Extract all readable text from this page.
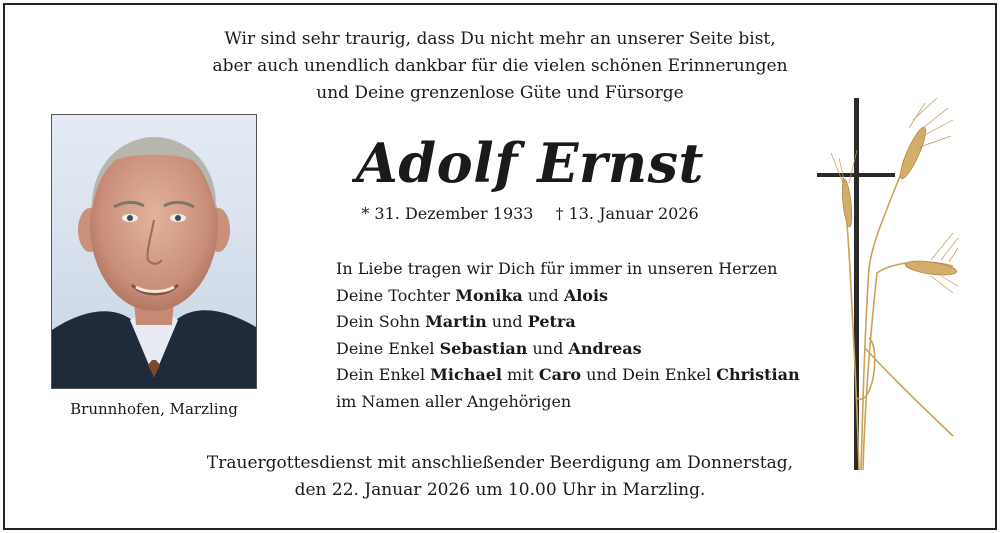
Wir sind sehr traurig, dass Du nicht mehr an unserer Seite bist,
aber auch unendlich dankbar für die vielen schönen Erinnerungen
und Deine grenzenlose Güte und Fürsorge
Brunnhofen, Marzling
Adolf Ernst
* 31. Dezember 1933 † 13. Januar 2026
In Liebe tragen wir Dich für immer in unseren Herzen
Deine Tochter Monika und Alois
Dein Sohn Martin und Petra
Deine Enkel Sebastian und Andreas
Dein Enkel Michael mit Caro und Dein Enkel Christian
im Namen aller Angehörigen
Trauergottesdienst mit anschließender Beerdigung am Donnerstag,
den 22. Januar 2026 um 10.00 Uhr in Marzling.
